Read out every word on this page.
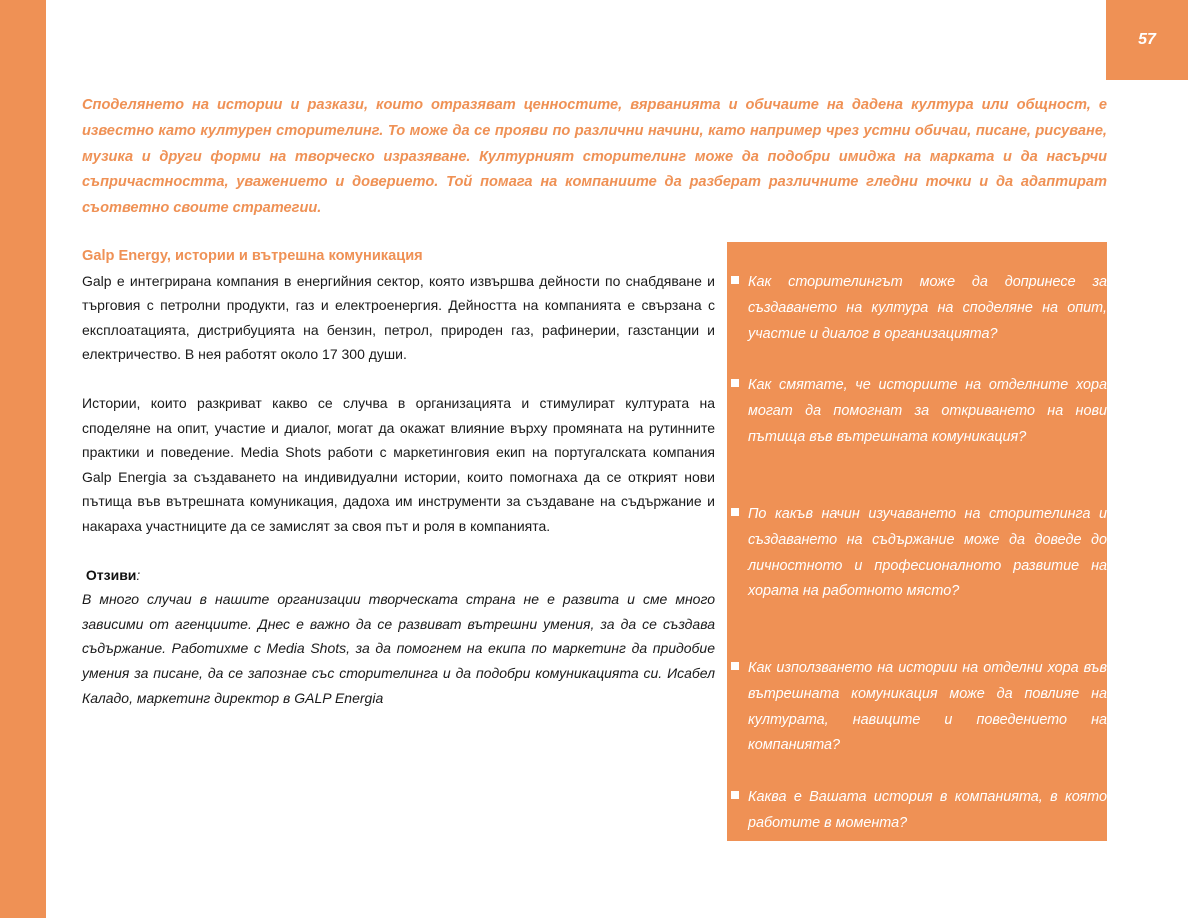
57

Споделянето на истории и разкази, които отразяват ценностите, вярванията и обичаите на дадена култура или общност, е известно като културен сторителинг. То може да се прояви по различни начини, като например чрез устни обичаи, писане, рисуване, музика и други форми на творческо изразяване. Културният сторителинг може да подобри имиджа на марката и да насърчи съпричастността, уважението и доверието. Той помага на компаниите да разберат различните гледни точки и да адаптират съответно своите стратегии.

Galp Energy, истории и вътрешна комуникация

Galp е интегрирана компания в енергийния сектор, която извършва дейности по снабдяване и търговия с петролни продукти, газ и електроенергия. Дейността на компанията е свързана с експлоатацията, дистрибуцията на бензин, петрол, природен газ, рафинерии, газстанции и електричество. В нея работят около 17 300 души.

Истории, които разкриват какво се случва в организацията и стимулират културата на споделяне на опит, участие и диалог, могат да окажат влияние върху промяната на рутинните практики и поведение. Media Shots работи с маркетинговия екип на португалската компания Galp Energia за създаването на индивидуални истории, които помогнаха да се открият нови пътища във вътрешната комуникация, дадоха им инструменти за създаване на съдържание и накараха участниците да се замислят за своя път и роля в компанията.

Отзиви:

В много случаи в нашите организации творческата страна не е развита и сме много зависими от агенциите. Днес е важно да се развиват вътрешни умения, за да се създава съдържание. Работихме с Media Shots, за да помогнем на екипа по маркетинг да придобие умения за писане, да се запознае със сторителинга и да подобри комуникацията си. Исабел Каладо, маркетинг директор в GALP Energia

Как сторителингът може да допринесе за създаването на култура на споделяне на опит, участие и диалог в организацията?

Как смятате, че историите на отделните хора могат да помогнат за откриването на нови пътища във вътрешната комуникация?

По какъв начин изучаването на сторителинга и създаването на съдържание може да доведе до личностното и професионалното развитие на хората на работното място?

Как използването на истории на отделни хора във вътрешната комуникация може да повлияе на културата, навиците и поведението на компанията?

Каква е Вашата история в компанията, в която работите в момента?
